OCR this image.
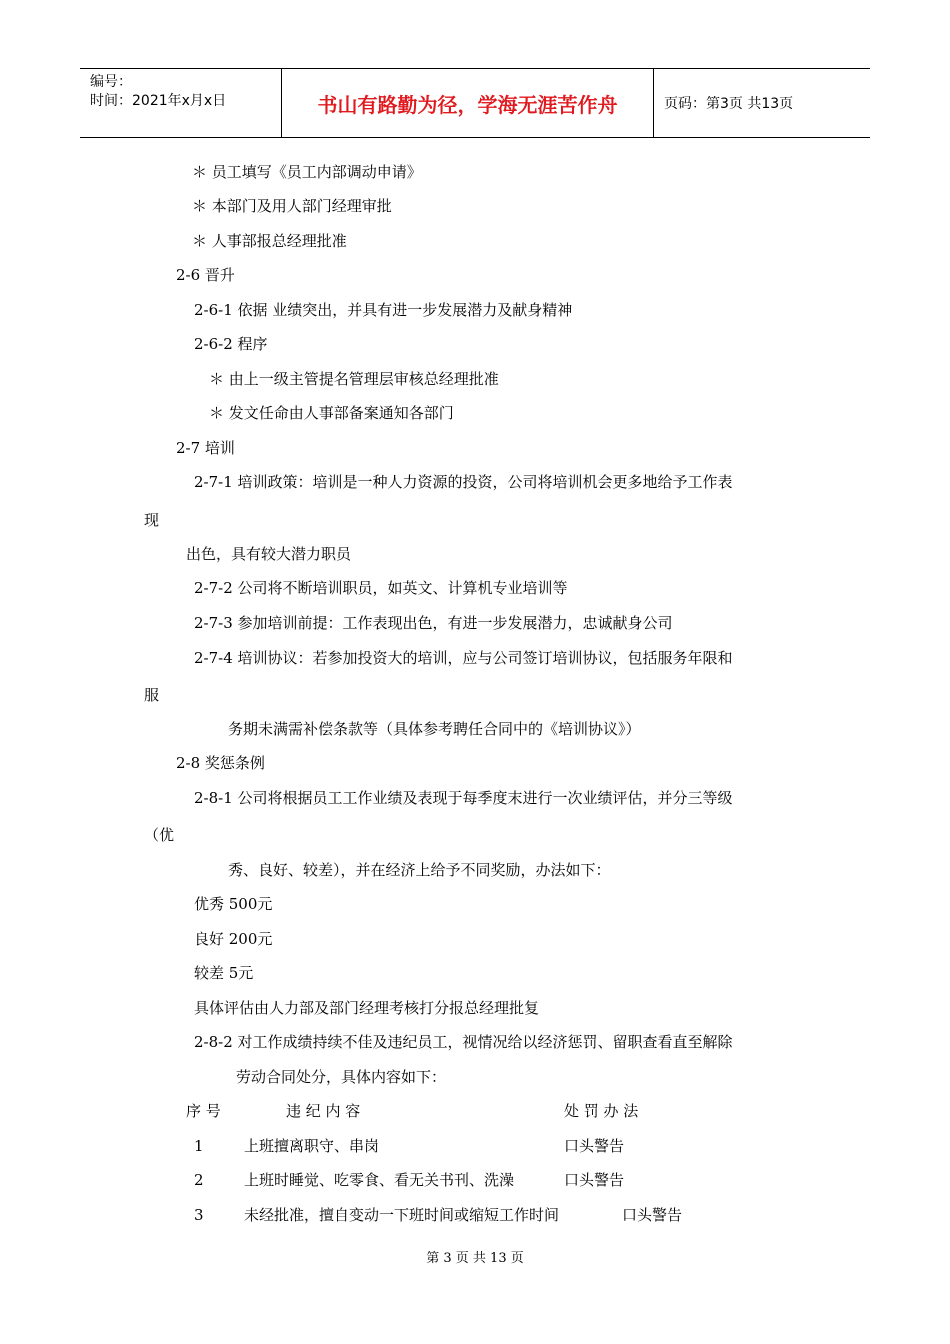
编号：
时间：2021年x月x日	书山有路勤为径，学海无涯苦作舟	页码：第3页 共13页
＊ 员工填写《员工内部调动申请》
＊ 本部门及用人部门经理审批
＊ 人事部报总经理批准
2-6 晋升
2-6-1 依据 业绩突出，并具有进一步发展潜力及献身精神
2-6-2 程序
＊ 由上一级主管提名管理层审核总经理批准
＊ 发文任命由人事部备案通知各部门
2-7 培训
2-7-1 培训政策：培训是一种人力资源的投资，公司将培训机会更多地给予工作表
现
出色，具有较大潜力职员
2-7-2 公司将不断培训职员，如英文、计算机专业培训等
2-7-3 参加培训前提：工作表现出色，有进一步发展潜力，忠诚献身公司
2-7-4 培训协议：若参加投资大的培训，应与公司签订培训协议，包括服务年限和
服
务期未满需补偿条款等（具体参考聘任合同中的《培训协议》）
2-8 奖惩条例
2-8-1 公司将根据员工工作业绩及表现于每季度末进行一次业绩评估，并分三等级
（优
秀、良好、较差），并在经济上给予不同奖励，办法如下：
优秀 500元
良好 200元
较差 5元
具体评估由人力部及部门经理考核打分报总经理批复
2-8-2 对工作成绩持续不佳及违纪员工，视情况给以经济惩罚、留职查看直至解除
劳动合同处分，具体内容如下：
序 号	违 纪 内 容	处 罚 办 法
1	上班擅离职守、串岗	口头警告
2	上班时睡觉、吃零食、看无关书刊、洗澡	口头警告
3	未经批准，擅自变动一下班时间或缩短工作时间	口头警告
第 3 页 共 13 页
